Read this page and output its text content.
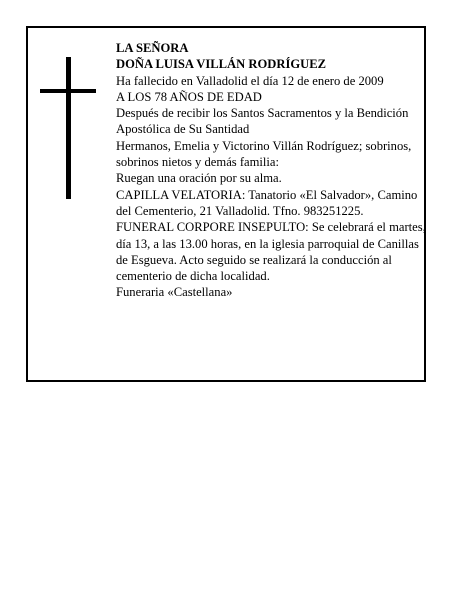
LA SEÑORA

DOÑA LUISA VILLÁN RODRÍGUEZ

Ha fallecido en Valladolid el día 12 de enero de 2009

A LOS 78 AÑOS DE EDAD

Después de recibir los Santos Sacramentos y la Bendición Apostólica de Su Santidad

Hermanos, Emelia y Victorino Villán Rodríguez; sobrinos, sobrinos nietos y demás familia:

Ruegan una oración por su alma.

CAPILLA VELATORIA: Tanatorio «El Salvador», Camino del Cementerio, 21 Valladolid. Tfno. 983251225.

FUNERAL CORPORE INSEPULTO: Se celebrará el martes, día 13, a las 13.00 horas, en la iglesia parroquial de Canillas de Esgueva. Acto seguido se realizará la conducción al cementerio de dicha localidad.

Funeraria «Castellana»
